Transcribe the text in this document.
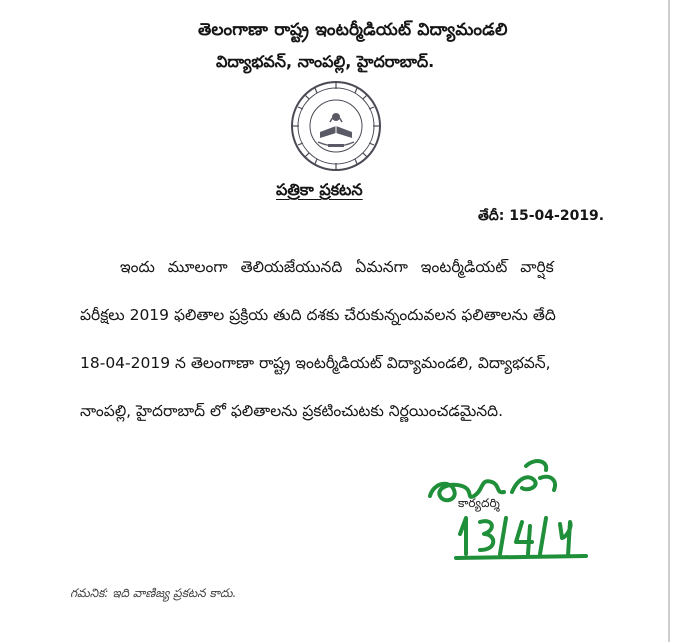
తెలంగాణా రాష్ట్ర ఇంటర్మీడియట్ విద్యామండలి
విద్యాభవన్, నాంపల్లి, హైదరాబాద్.
పత్రికా ప్రకటన
తేదీ: 15-04-2019.
ఇందు మూలంగా తెలియజేయునది ఏమనగా ఇంటర్మీడియట్ వార్షిక
పరీక్షలు 2019 ఫలితాల ప్రక్రియ తుది దశకు చేరుకున్నందువలన ఫలితాలను తేది
18-04-2019 న తెలంగాణా రాష్ట్ర ఇంటర్మీడియట్ విద్యామండలి, విద్యాభవన్,
నాంపల్లి, హైదరాబాద్ లో ఫలితాలను ప్రకటించుటకు నిర్ణయించడమైనది.
కార్యదర్శి
గమనిక: ఇది వాణిజ్య ప్రకటన కాదు.
